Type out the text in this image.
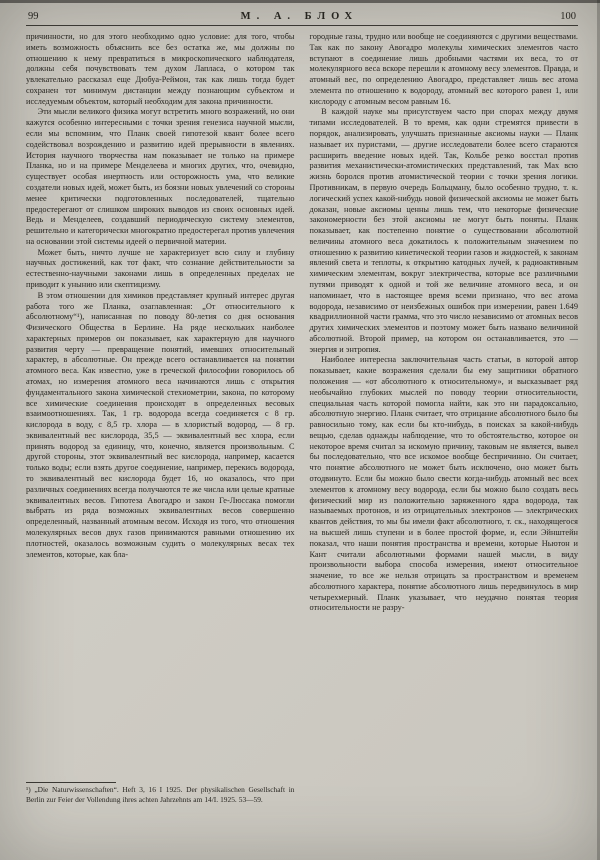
99	М. А. БЛОХ	100

причинности, но для этого необходимо одно условие: для того, чтобы иметь возможность объяснить все без остатка же, мы должны по отношению к нему превратиться в микроскопического наблюдателя, должны себя почувствовать тем духом Лапласа, о котором так увлекательно рассказал еще Дюбуа-Реймон, так как лишь тогда будет сохранен тот минимум дистанции между познающим субъектом и исследуемым объектом, который необходим для закона причинности.

Эти мысли великого физика могут встретить много возражений, но они кажутся особенно интересными с точки зрения генезиса научной мысли, если мы вспомним, что Планк своей гипотезой квант более всего содействовал возрождению и развитию идей прерывности в явлениях. История научного творчества нам показывает не только на примере Планка, но и на примере Менделеева и многих других, что, очевидно, существует особая инертность или осторожность ума, что великие создатели новых идей, может быть, из боязни новых увлечений со стороны менее критически подготовленных последователей, тщательно предостерегают от слишком широких выводов из своих основных идей. Ведь и Менделеев, создавший периодическую систему элементов, решительно и категорически многократно предостерегал против увлечения на основании этой системы идеей о первичной материи.

Может быть, ничто лучше не характеризует всю силу и глубину научных достижений, как тот факт, что сознание действительности за естественно-научными законами лишь в определенных пределах не приводит к унынию или скептицизму.

В этом отношении для химиков представляет крупный интерес другая работа того же Планка, озаглавленная: „От относительного к абсолютному“¹), написанная по поводу 80-летия со дня основания Физического Общества в Берлине. На ряде нескольких наиболее характерных примеров он показывает, как характерную для научного развития черту — превращение понятий, имевших относительный характер, в абсолютные. Он прежде всего останавливается на понятии атомного веса. Как известно, уже в греческой философии говорилось об атомах, но измерения атомного веса начинаются лишь с открытия фундаментального закона химической стехиометрии, закона, по которому все химические соединения происходят в определенных весовых взаимоотношениях. Так, 1 гр. водорода всегда соединяется с 8 гр. кислорода в воду, с 8,5 гр. хлора — в хлористый водород, — 8 гр. эквивалентный вес кислорода, 35,5 — эквивалентный вес хлора, если принять водород за единицу, что, конечно, является произвольным. С другой стороны, этот эквивалентный вес кислорода, например, касается только воды; если взять другое соединение, например, перекись водорода, то эквивалентный вес кислорода будет 16, но оказалось, что при различных соединениях всегда получаются те же числа или целые кратные эквивалентных весов. Гипотеза Авогадро и закон Ге-Люссака помогли выбрать из ряда возможных эквивалентных весов совершенно определенный, названный атомным весом. Исходя из того, что отношения молекулярных весов двух газов принимаются равными отношению их плотностей, оказалось возможным судить о молекулярных весах тех элементов, которые, как бла-

¹) „Die Naturwissenschaften“. Heft 3, 16 I 1925. Der physikalischen Gesellschaft in Berlin zur Feier der Vollendung ihres achten Jahrzehnts am 14/I. 1925. 53—59.

городные газы, трудно или вообще не соединяются с другими веществами. Так как по закону Авогадро молекулы химических элементов часто вступают в соединение лишь дробными частями их веса, то от молекулярного веса вскоре перешли к атомному весу элементов. Правда, и атомный вес, по определению Авогадро, представляет лишь вес атома элемента по отношению к водороду, атомный вес которого равен 1, или кислороду с атомным весом равным 16.

В каждой науке мы присутствуем часто при спорах между двумя типами исследователей. В то время, как одни стремятся привести в порядок, анализировать, улучшать признанные аксиомы науки — Планк называет их пуристами, — другие исследователи более всего стараются расширить введение новых идей. Так, Кольбе резко восстал против развития механистически-атомистических представлений, так Мах всю жизнь боролся против атомистической теории с точки зрения логики. Противникам, в первую очередь Больцману, было особенно трудно, т. к. логический успех какой-нибудь новой физической аксиомы не может быть доказан, новые аксиомы ценны лишь тем, что некоторые физические закономерности без этой аксиомы не могут быть поняты. Планк показывает, как постепенно понятие о существовании абсолютной величины атомного веса докатилось к положительным значением по отношению к развитию кинетической теории газов и жидкостей, к законам явлений света и теплоты, к открытию катодных лучей, к радиоактивным химическим элементам, вокруг электричества, которые все различными путями приводят к одной и той же величине атомного веса, и он напоминает, что в настоящее время всеми признано, что вес атома водорода, независимо от неизбежных ошибок при измерении, равен 1.649 квадриллионной части грамма, что это число независимо от атомных весов других химических элементов и поэтому может быть названо величиной абсолютной. Второй пример, на котором он останавливается, это — энергия и энтропия.

Наиболее интересна заключительная часть статьи, в которой автор показывает, какие возражения сделали бы ему защитники обратного положения — «от абсолютного к относительному», и высказывает ряд необычайно глубоких мыслей по поводу теории относительности, специальная часть которой помогла найти, как это ни парадоксально, абсолютную энергию. Планк считает, что отрицание абсолютного было бы равносильно тому, как если бы кто-нибудь, в поисках за какой-нибудь вещью, сделав однажды наблюдение, что то обстоятельство, которое он некоторое время считал за искомую причину, таковым не является, вывел бы последовательно, что все искомое вообще беспричинно. Он считает, что понятие абсолютного не может быть исключено, оно может быть отодвинуто. Если бы можно было свести когда-нибудь атомный вес всех элементов к атомному весу водорода, если бы можно было создать весь физический мир из положительно заряженного ядра водорода, так называемых протонов, и из отрицательных электронов — электрических квантов действия, то мы бы имели факт абсолютного, т. ск., находящегося на высшей лишь ступени и в более простой форме, и, если Эйнштейн показал, что наши понятия пространства и времени, которые Ньютон и Кант считали абсолютными формами нашей мысли, в виду произвольности выбора способа измерения, имеют относительное значение, то все же нельзя отрицать за пространством и временем абсолютного характера, понятие абсолютного лишь передвинулось в мир четырехмерный. Планк указывает, что неудачно понятая теория относительности не разру-
